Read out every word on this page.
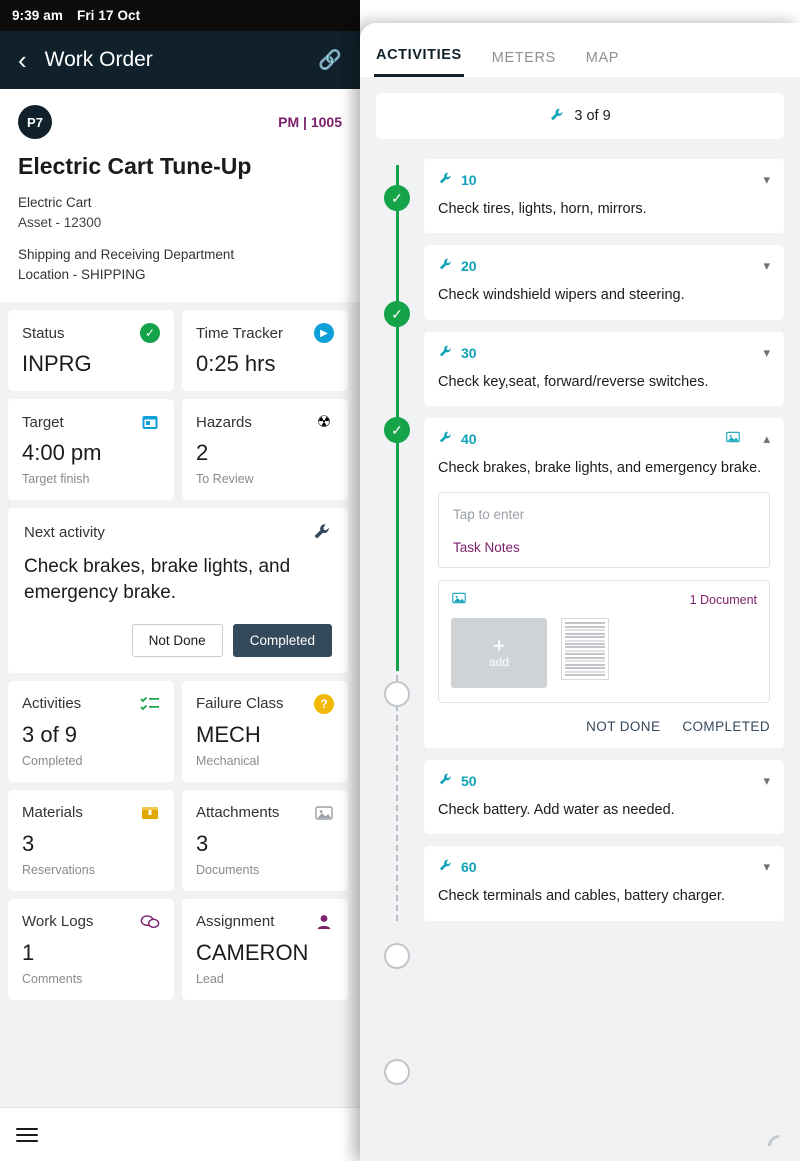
9:39 am Fri 17 Oct
‹ Work Order	🔗
P7	PM | 1005
Electric Cart Tune-Up
Electric Cart
Asset - 12300
Shipping and Receiving Department
Location - SHIPPING
Status	✓
INPRG
Time Tracker	▶
0:25 hrs
Target
4:00 pm
Target finish
Hazards	☢
2
To Review
Next activity
Check brakes, brake lights, and emergency brake.
Not Done	Completed
Activities
3 of 9
Completed
Failure Class	?
MECH
Mechanical
Materials
3
Reservations
Attachments
3
Documents
Work Logs
1
Comments
Assignment
CAMERON
Lead
ACTIVITIES METERS MAP
3 of 9
✓
10	▾
Check tires, lights, horn, mirrors.
✓
20	▾
Check windshield wipers and steering.
✓
30	▾
Check key,seat, forward/reverse switches.
40	▴
Check brakes, brake lights, and emergency brake.
Tap to enter
Task Notes
1 Document
+
add
NOT DONE COMPLETED
50	▾
Check battery. Add water as needed.
60	▾
Check terminals and cables, battery charger.
